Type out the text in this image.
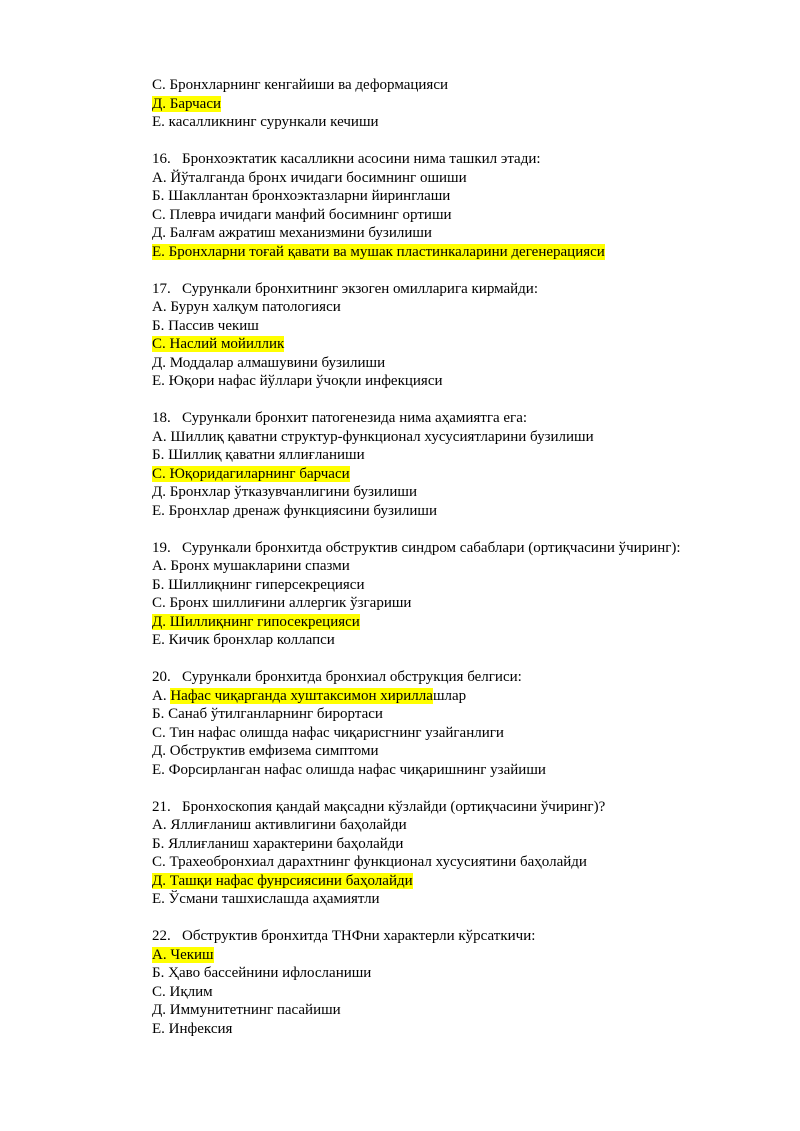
C. Бронхларнинг кенгайиши ва деформацияси
Д. Барчаси
E. касалликнинг сурункали кечиши
16. Бронхоэктатик касалликни асосини нима ташкил этади:
A. Йўталганда бронх ичидаги босимнинг ошиши
Б. Шакллантан бронхоэктазларни йиринглаши
C. Плевра ичидаги манфий босимнинг ортиши
Д. Балғам ажратиш механизмини бузилиши
E. Бронхларни тоғай қавати ва мушак пластинкаларини дегенерацияси
17. Сурункали бронхитнинг экзоген омилларига кирмайди:
A. Бурун халқум патологияси
Б. Пассив чекиш
C. Наслий мойиллик
Д. Моддалар алмашувини бузилиши
E. Юқори нафас йўллари ўчоқли инфекцияси
18. Сурункали бронхит патогенезида нима аҳамиятга ега:
A. Шиллиқ қаватни структур-функционал хусусиятларини бузилиши
Б. Шиллиқ қаватни яллиғланиши
C. Юқоридагиларнинг барчаси
Д. Бронхлар ўтказувчанлигини бузилиши
E. Бронхлар дренаж функциясини бузилиши
19. Сурункали бронхитда обструктив синдром сабаблари (ортиқчасини ўчиринг):
A. Бронх мушакларини спазми
Б. Шиллиқнинг гиперсекрецияси
C. Бронх шиллиғини аллергик ўзгариши
Д. Шиллиқнинг гипосекрецияси
E. Кичик бронхлар коллапси
20. Сурункали бронхитда бронхиал обструкция белгиси:
A. Нафас чиқарганда хуштаксимон хириллашлар
Б. Санаб ўтилганларнинг бирортаси
C. Тин нафас олишда нафас чиқарисгнинг узайганлиги
Д. Обструктив емфизема симптоми
E. Форсирланган нафас олишда нафас чиқаришнинг узайиши
21. Бронхоскопия қандай мақсадни кўзлайди (ортиқчасини ўчиринг)?
A. Яллиғланиш активлигини баҳолайди
Б. Яллиғланиш характерини баҳолайди
C. Трахеобронхиал дарахтнинг функционал хусусиятини баҳолайди
Д. Ташқи нафас фунрсиясини баҳолайди
E. Ўсмани ташхислашда аҳамиятли
22. Обструктив бронхитда ТНФни характерли кўрсаткичи:
A. Чекиш
Б. Ҳаво бассейнини ифлосланиши
C. Иқлим
Д. Иммунитетнинг пасайиши
E. Инфексия
